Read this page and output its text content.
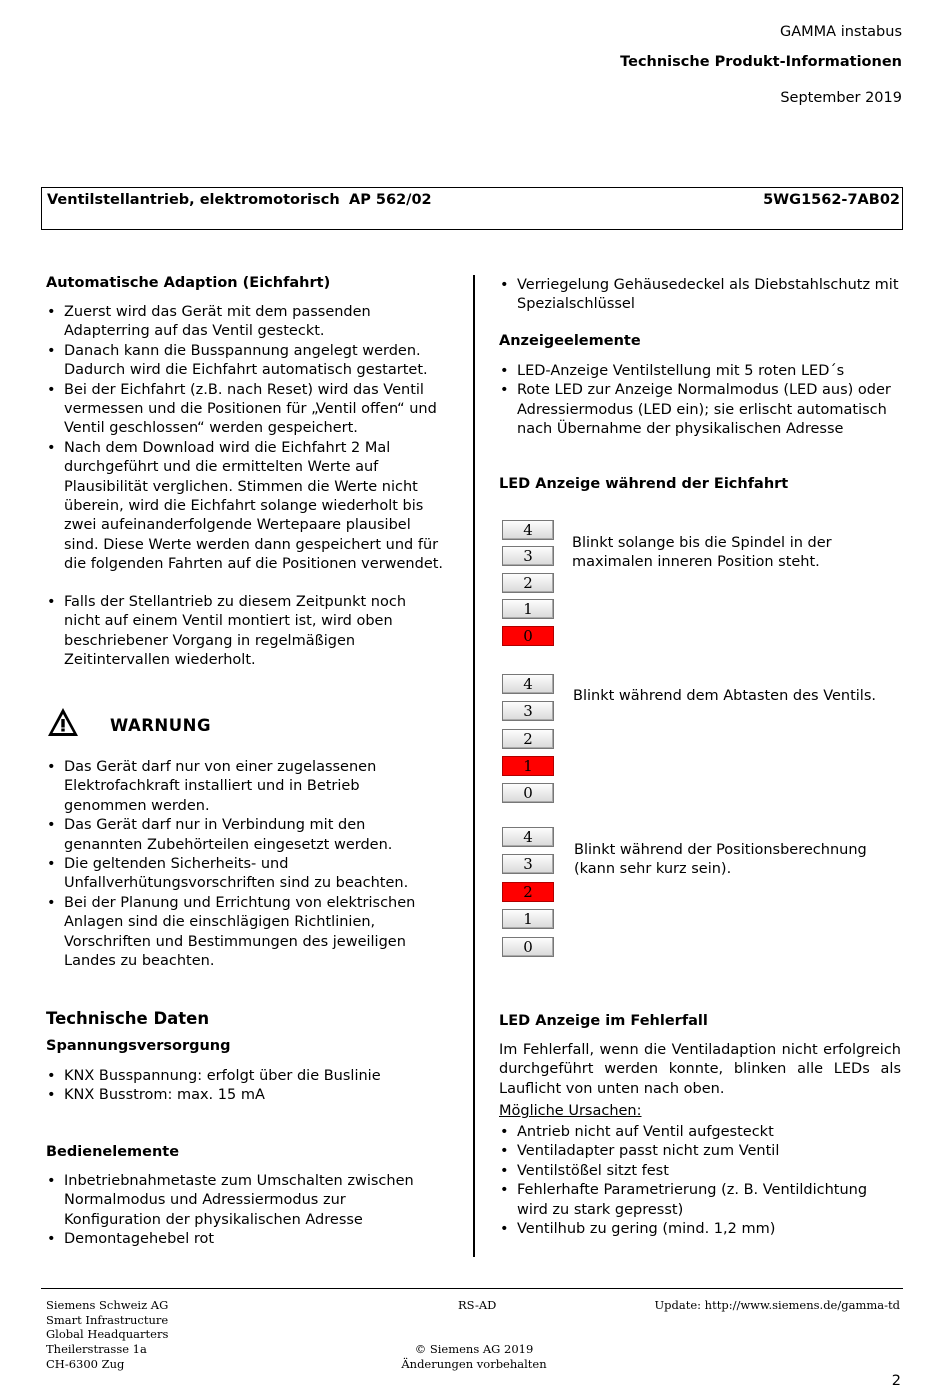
GAMMA instabus
Technische Produkt-Informationen
September 2019
Ventilstellantrieb, elektromotorisch AP 562/02	5WG1562-7AB02
Automatische Adaption (Eichfahrt)
• Zuerst wird das Gerät mit dem passenden Adapterring auf das Ventil gesteckt.
• Danach kann die Busspannung angelegt werden. Dadurch wird die Eichfahrt automatisch gestartet.
• Bei der Eichfahrt (z.B. nach Reset) wird das Ventil vermessen und die Positionen für „Ventil offen“ und Ventil geschlossen“ werden gespeichert.
• Nach dem Download wird die Eichfahrt 2 Mal durchgeführt und die ermittelten Werte auf Plausibilität verglichen. Stimmen die Werte nicht überein, wird die Eichfahrt solange wiederholt bis zwei aufeinanderfolgende Wertepaare plausibel sind. Diese Werte werden dann gespeichert und für die folgenden Fahrten auf die Positionen verwendet.
• Falls der Stellantrieb zu diesem Zeitpunkt noch nicht auf einem Ventil montiert ist, wird oben beschriebener Vorgang in regelmäßigen Zeitintervallen wiederholt.
WARNUNG
• Das Gerät darf nur von einer zugelassenen Elektrofachkraft installiert und in Betrieb genommen werden.
• Das Gerät darf nur in Verbindung mit den genannten Zubehörteilen eingesetzt werden.
• Die geltenden Sicherheits- und Unfallverhütungsvorschriften sind zu beachten.
• Bei der Planung und Errichtung von elektrischen Anlagen sind die einschlägigen Richtlinien, Vorschriften und Bestimmungen des jeweiligen Landes zu beachten.
Technische Daten
Spannungsversorgung
• KNX Busspannung: erfolgt über die Buslinie
• KNX Busstrom: max. 15 mA
Bedienelemente
• Inbetriebnahmetaste zum Umschalten zwischen Normalmodus und Adressiermodus zur Konfiguration der physikalischen Adresse
• Demontagehebel rot
• Verriegelung Gehäusedeckel als Diebstahlschutz mit Spezialschlüssel
Anzeigeelemente
• LED-Anzeige Ventilstellung mit 5 roten LED´s
• Rote LED zur Anzeige Normalmodus (LED aus) oder Adressiermodus (LED ein); sie erlischt automatisch nach Übernahme der physikalischen Adresse
LED Anzeige während der Eichfahrt
4
3
2
1
0
Blinkt solange bis die Spindel in der maximalen inneren Position steht.
4
3
2
1
0
Blinkt während dem Abtasten des Ventils.
4
3
2
1
0
Blinkt während der Positionsberechnung (kann sehr kurz sein).
LED Anzeige im Fehlerfall
Im Fehlerfall, wenn die Ventiladaption nicht erfolgreich durchgeführt werden konnte, blinken alle LEDs als Lauflicht von unten nach oben.
Mögliche Ursachen:
• Antrieb nicht auf Ventil aufgesteckt
• Ventiladapter passt nicht zum Ventil
• Ventilstößel sitzt fest
• Fehlerhafte Parametrierung (z. B. Ventildichtung wird zu stark gepresst)
• Ventilhub zu gering (mind. 1,2 mm)
Siemens Schweiz AG
Smart Infrastructure
Global Headquarters
Theilerstrasse 1a
CH-6300 Zug
RS-AD
© Siemens AG 2019
Änderungen vorbehalten
Update: http://www.siemens.de/gamma-td
2
